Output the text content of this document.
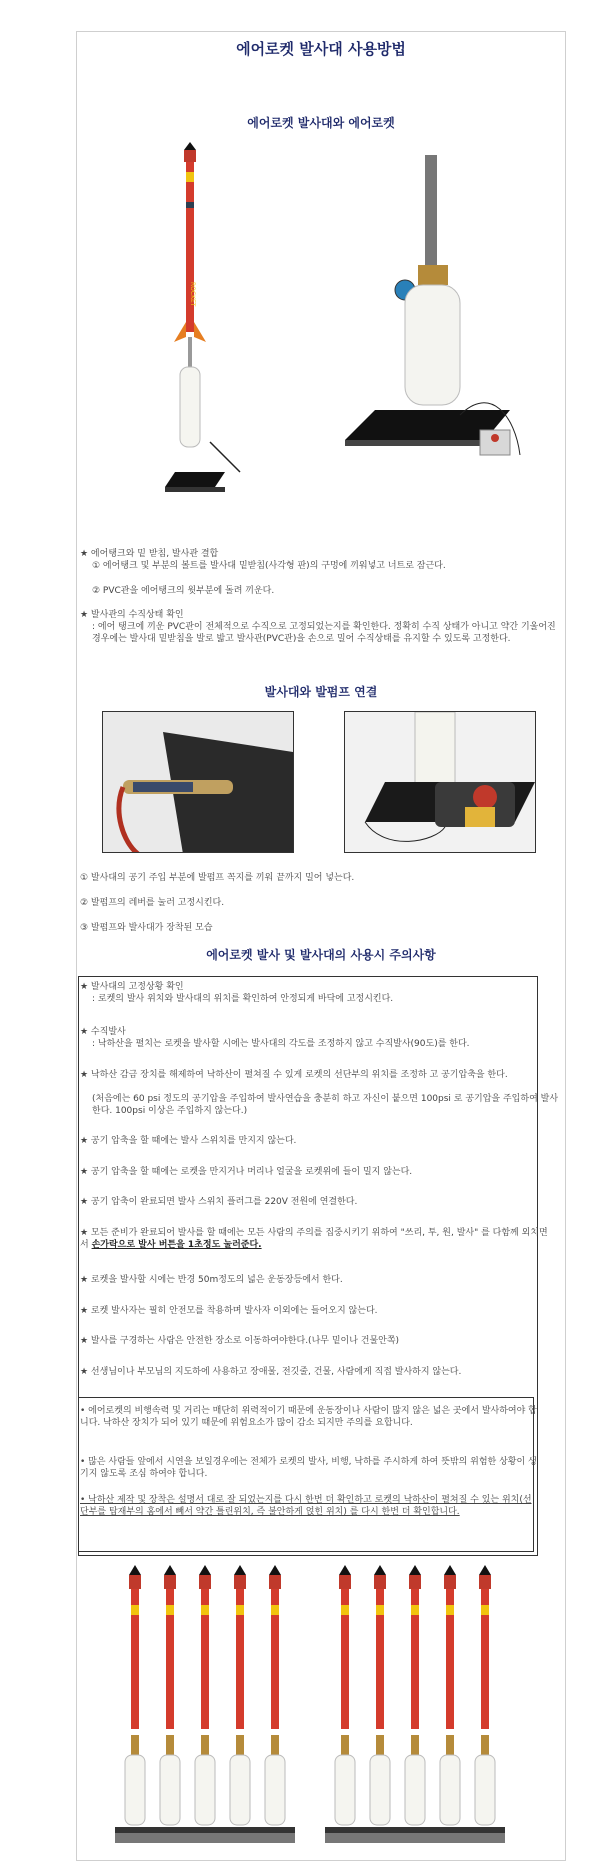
에어로켓 발사대 사용방법
에어로켓 발사대와 에어로켓
ROCKET
★ 에어탱크와 밑 받침, 발사관 결합
① 에어탱크 및 부분의 볼트를 발사대 밑받침(사각형 판)의 구멍에 끼워넣고 너트로 잠근다.
② PVC관을 에어탱크의 윗부분에 돌려 끼운다.
★ 발사관의 수직상태 확인
: 에어 탱크에 끼운 PVC관이 전체적으로 수직으로 고정되었는지를 확인한다. 정확히 수직 상태가 아니고 약간 기울어진 경우에는 발사대 밑받침을 발로 밟고 발사관(PVC관)을 손으로 밀어 수직상태를 유지할 수 있도록 고정한다.
발사대와 발펌프 연결
① 발사대의 공기 주입 부분에 발펌프 꼭지를 끼워 끝까지 밀어 넣는다.
② 발펌프의 레버를 눌러 고정시킨다.
③ 발펌프와 발사대가 장착된 모습
에어로켓 발사 및 발사대의 사용시 주의사항
★ 발사대의 고정상황 확인
: 로켓의 발사 위치와 발사대의 위치를 확인하여 안정되게 바닥에 고정시킨다.
★ 수직발사
: 낙하산을 펼치는 로켓을 발사할 시에는 발사대의 각도를 조정하지 않고 수직발사(90도)를 한다.
★ 낙하산 감금 장치를 해제하여 낙하산이 펼쳐질 수 있게 로켓의 선단부의 위치를 조정하 고 공기압축을 한다.
(처음에는 60 psi 정도의 공기압을 주입하여 발사연습을 충분히 하고 자신이 붙으면 100psi 로 공기압을 주입하여 발사한다. 100psi 이상은 주입하지 않는다.)
★ 공기 압축을 할 때에는 발사 스위치를 만지지 않는다.
★ 공기 압축을 할 때에는 로켓을 만지거나 머리나 얼굴을 로켓위에 들이 밀지 않는다.
★ 공기 압축이 완료되면 발사 스위치 플러그를 220V 전원에 연결한다.
★ 모든 준비가 완료되어 발사를 할 때에는 모든 사람의 주의를 집중시키기 위하여 "쓰리, 투, 원, 발사" 를 다함께 외치면서 손가락으로 발사 버튼을 1초정도 눌러준다.
★ 로켓을 발사할 시에는 반경 50m정도의 넓은 운동장등에서 한다.
★ 로켓 발사자는 필히 안전모를 착용하며 발사자 이외에는 들어오지 않는다.
★ 발사를 구경하는 사람은 안전한 장소로 이동하여야한다.(나무 밑이나 건물안쪽)
★ 선생님이나 부모님의 지도하에 사용하고 장애물, 전깃줄, 건물, 사람에게 직접 발사하지 않는다.
• 에어로켓의 비행속력 및 거리는 매단히 위력적이기 때문에 운동장이나 사람이 많지 않은 넓은 곳에서 발사하여야 합니다. 낙하산 장치가 되어 있기 때문에 위험요소가 많이 감소 되지만 주의를 요합니다.
• 많은 사람들 앞에서 시연을 보일경우에는 전체가 로켓의 발사, 비행, 낙하를 주시하게 하여 뜻밖의 위험한 상황이 생기지 않도록 조심 하여야 합니다.
• 낙하산 제작 및 장착은 설명서 대로 잘 되었는지를 다시 한번 더 확인하고 로켓의 낙하산이 펼쳐질 수 있는 위치(선단부를 탑재부의 홈에서 빼서 약간 틀린위치, 즉 불안하게 얹힌 위치) 를 다시 한번 더 확인합니다.
